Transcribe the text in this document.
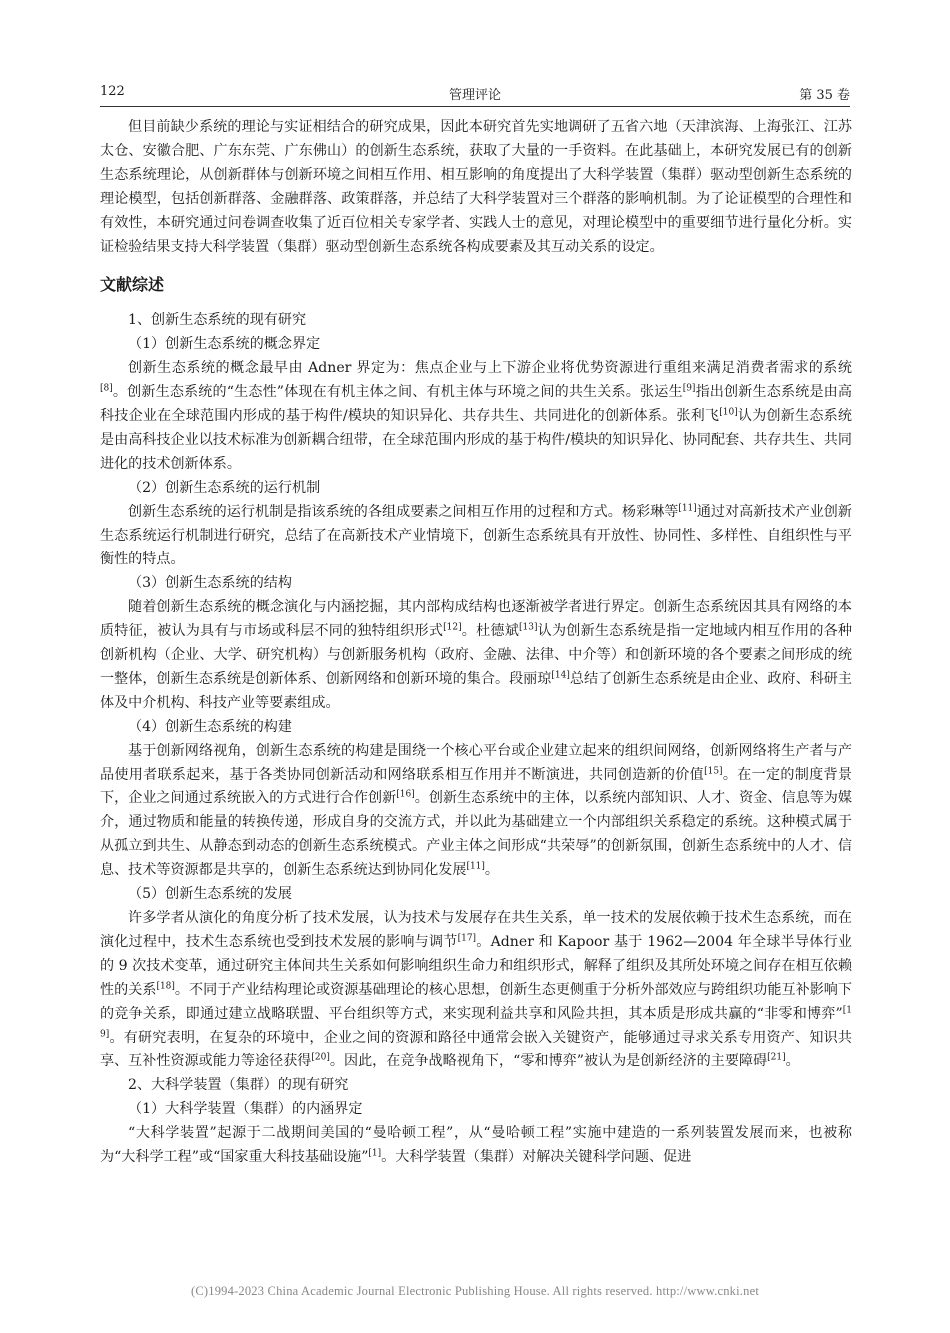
122	管理评论	第 35 卷

但目前缺少系统的理论与实证相结合的研究成果，因此本研究首先实地调研了五省六地（天津滨海、上海张江、江苏太仓、安徽合肥、广东东莞、广东佛山）的创新生态系统，获取了大量的一手资料。在此基础上，本研究发展已有的创新生态系统理论，从创新群体与创新环境之间相互作用、相互影响的角度提出了大科学装置（集群）驱动型创新生态系统的理论模型，包括创新群落、金融群落、政策群落，并总结了大科学装置对三个群落的影响机制。为了论证模型的合理性和有效性，本研究通过问卷调查收集了近百位相关专家学者、实践人士的意见，对理论模型中的重要细节进行量化分析。实证检验结果支持大科学装置（集群）驱动型创新生态系统各构成要素及其互动关系的设定。

文献综述

1、创新生态系统的现有研究

（1）创新生态系统的概念界定

创新生态系统的概念最早由 Adner 界定为：焦点企业与上下游企业将优势资源进行重组来满足消费者需求的系统[8]。创新生态系统的“生态性”体现在有机主体之间、有机主体与环境之间的共生关系。张运生[9]指出创新生态系统是由高科技企业在全球范围内形成的基于构件/模块的知识异化、共存共生、共同进化的创新体系。张利飞[10]认为创新生态系统是由高科技企业以技术标准为创新耦合纽带，在全球范围内形成的基于构件/模块的知识异化、协同配套、共存共生、共同进化的技术创新体系。

（2）创新生态系统的运行机制

创新生态系统的运行机制是指该系统的各组成要素之间相互作用的过程和方式。杨彩琳等[11]通过对高新技术产业创新生态系统运行机制进行研究，总结了在高新技术产业情境下，创新生态系统具有开放性、协同性、多样性、自组织性与平衡性的特点。

（3）创新生态系统的结构

随着创新生态系统的概念演化与内涵挖掘，其内部构成结构也逐渐被学者进行界定。创新生态系统因其具有网络的本质特征，被认为具有与市场或科层不同的独特组织形式[12]。杜德斌[13]认为创新生态系统是指一定地域内相互作用的各种创新机构（企业、大学、研究机构）与创新服务机构（政府、金融、法律、中介等）和创新环境的各个要素之间形成的统一整体，创新生态系统是创新体系、创新网络和创新环境的集合。段丽琼[14]总结了创新生态系统是由企业、政府、科研主体及中介机构、科技产业等要素组成。

（4）创新生态系统的构建

基于创新网络视角，创新生态系统的构建是围绕一个核心平台或企业建立起来的组织间网络，创新网络将生产者与产品使用者联系起来，基于各类协同创新活动和网络联系相互作用并不断演进，共同创造新的价值[15]。在一定的制度背景下，企业之间通过系统嵌入的方式进行合作创新[16]。创新生态系统中的主体，以系统内部知识、人才、资金、信息等为媒介，通过物质和能量的转换传递，形成自身的交流方式，并以此为基础建立一个内部组织关系稳定的系统。这种模式属于从孤立到共生、从静态到动态的创新生态系统模式。产业主体之间形成“共荣辱”的创新氛围，创新生态系统中的人才、信息、技术等资源都是共享的，创新生态系统达到协同化发展[11]。

（5）创新生态系统的发展

许多学者从演化的角度分析了技术发展，认为技术与发展存在共生关系，单一技术的发展依赖于技术生态系统，而在演化过程中，技术生态系统也受到技术发展的影响与调节[17]。Adner 和 Kapoor 基于 1962—2004 年全球半导体行业的 9 次技术变革，通过研究主体间共生关系如何影响组织生命力和组织形式，解释了组织及其所处环境之间存在相互依赖性的关系[18]。不同于产业结构理论或资源基础理论的核心思想，创新生态更侧重于分析外部效应与跨组织功能互补影响下的竞争关系，即通过建立战略联盟、平台组织等方式，来实现利益共享和风险共担，其本质是形成共赢的“非零和博弈”[19]。有研究表明，在复杂的环境中，企业之间的资源和路径中通常会嵌入关键资产，能够通过寻求关系专用资产、知识共享、互补性资源或能力等途径获得[20]。因此，在竞争战略视角下，“零和博弈”被认为是创新经济的主要障碍[21]。

2、大科学装置（集群）的现有研究

（1）大科学装置（集群）的内涵界定

“大科学装置”起源于二战期间美国的“曼哈顿工程”，从“曼哈顿工程”实施中建造的一系列装置发展而来，也被称为“大科学工程”或“国家重大科技基础设施”[1]。大科学装置（集群）对解决关键科学问题、促进

(C)1994-2023 China Academic Journal Electronic Publishing House. All rights reserved. http://www.cnki.net
